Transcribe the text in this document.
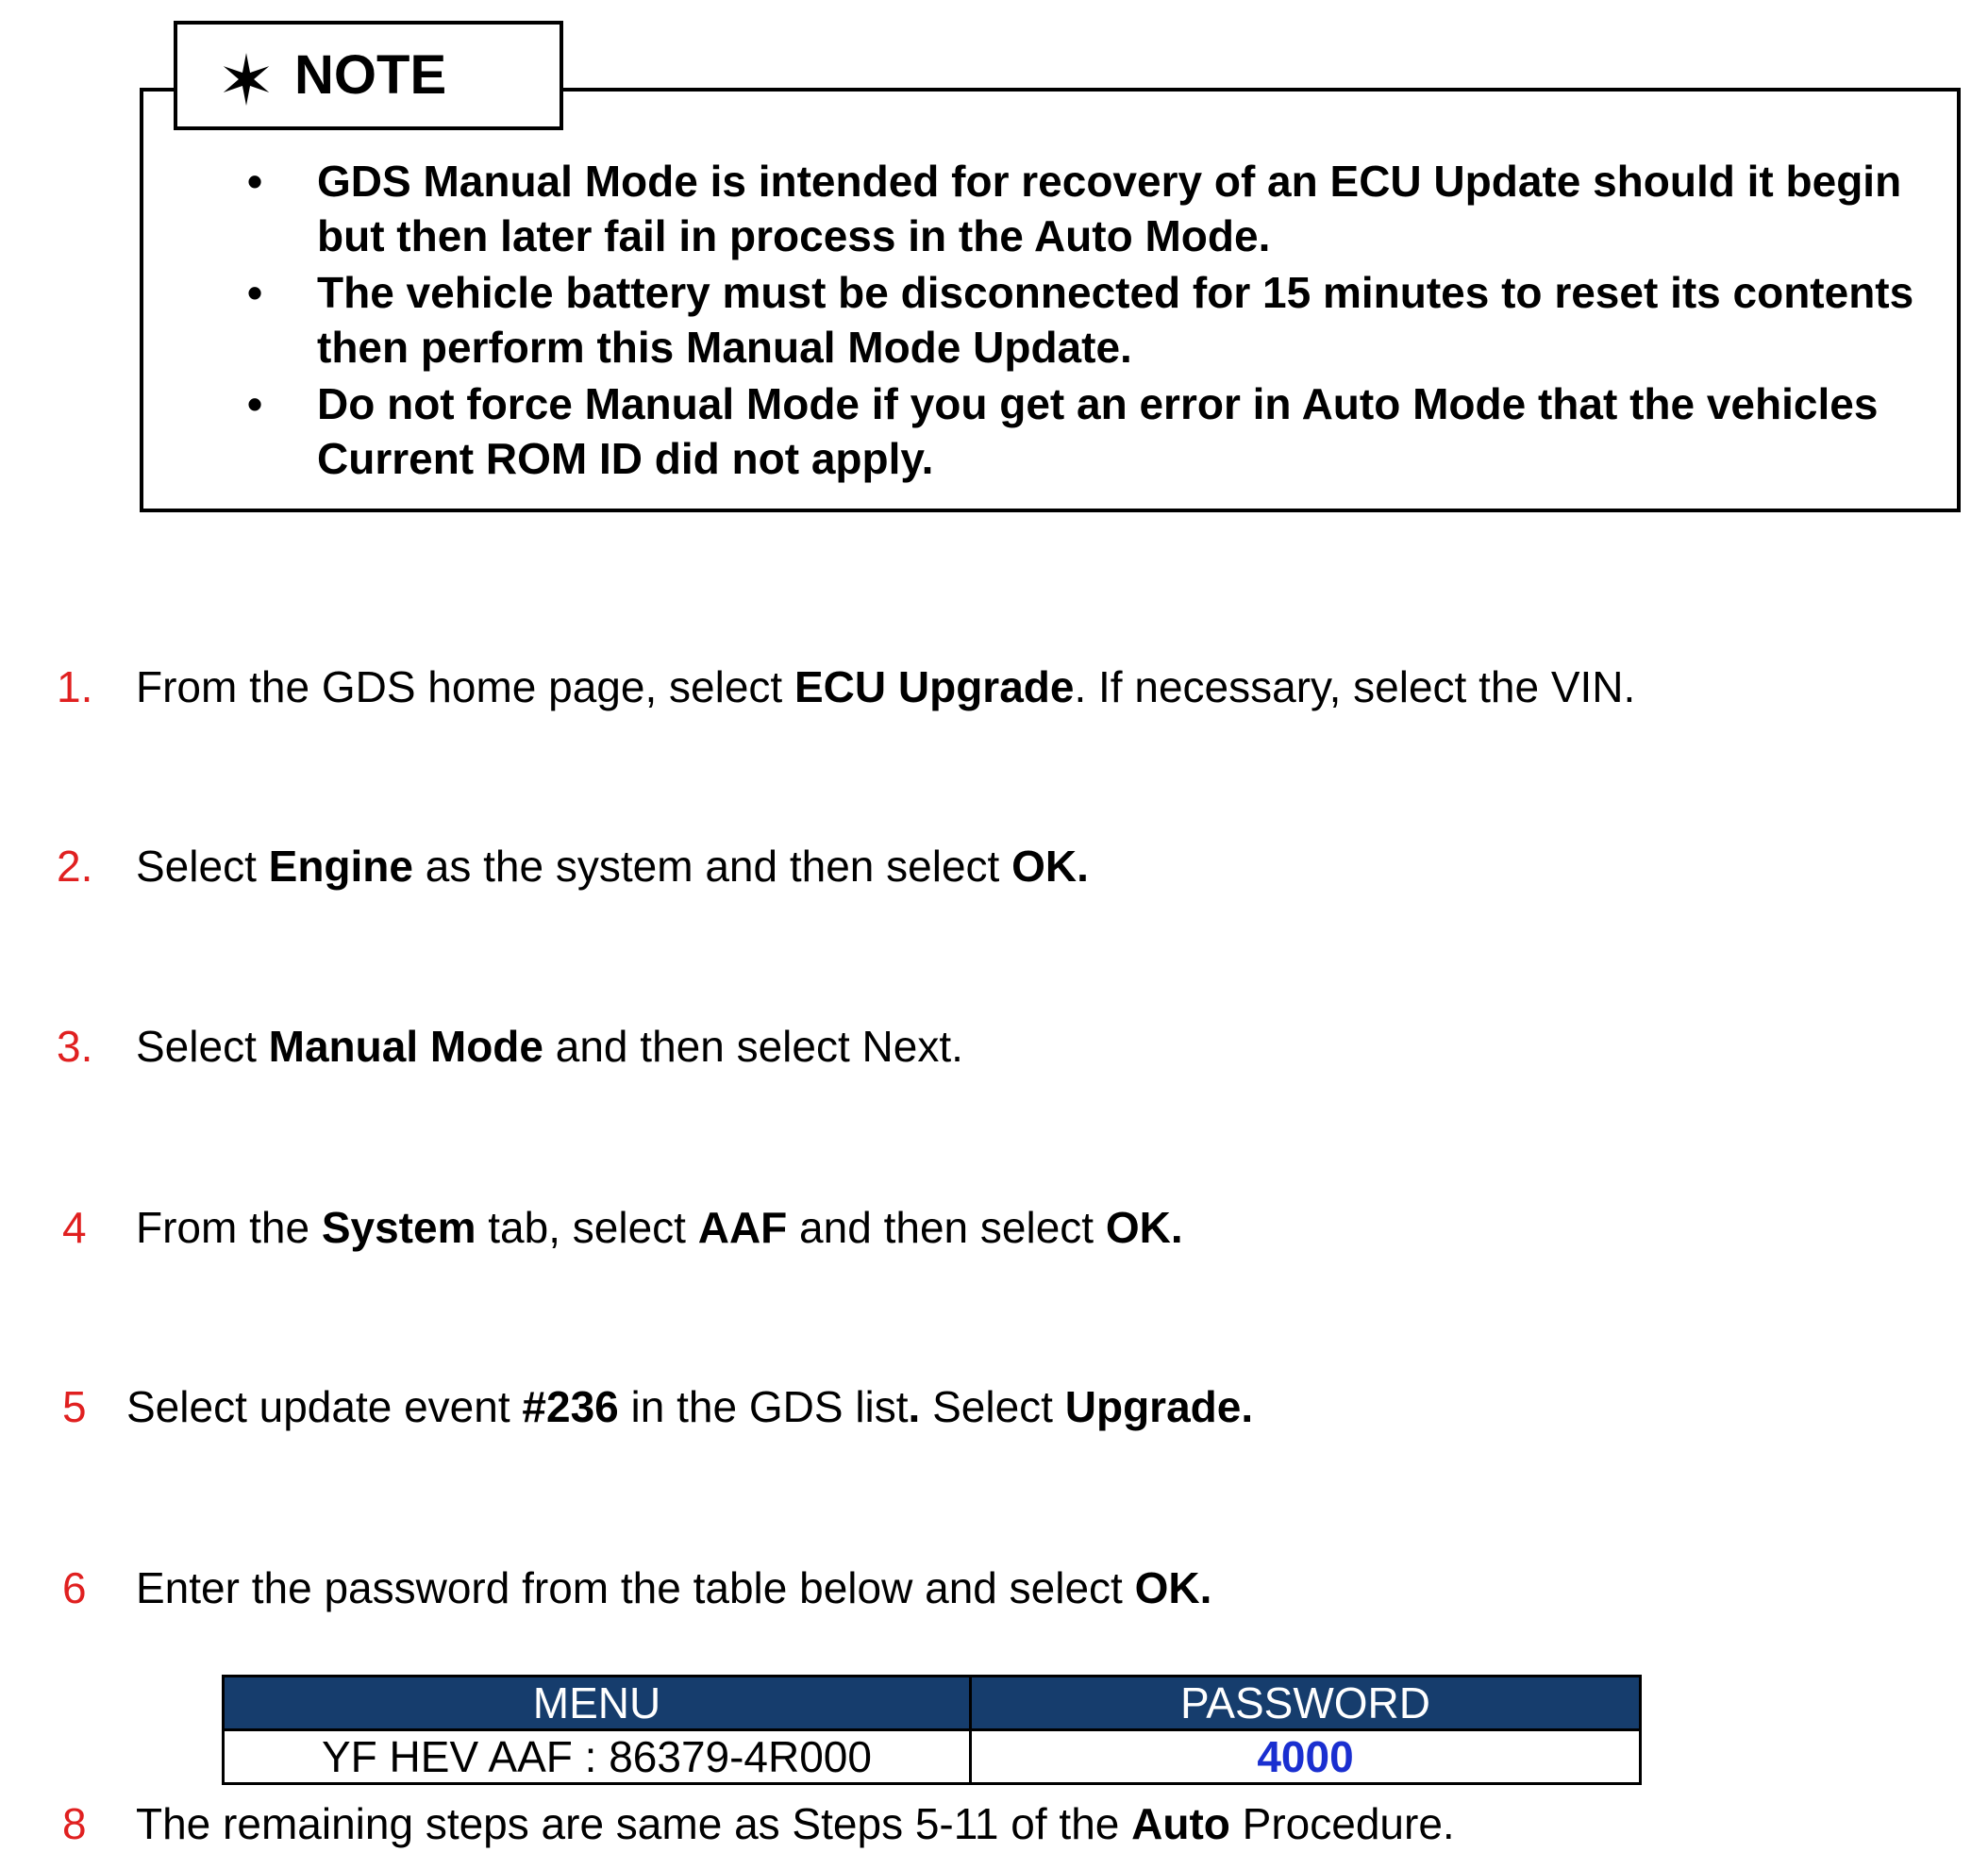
• GDS Manual Mode is intended for recovery of an ECU Update should it begin but then later fail in process in the Auto Mode.
• The vehicle battery must be disconnected for 15 minutes to reset its contents then perform this Manual Mode Update.
• Do not force Manual Mode if you get an error in Auto Mode that the vehicles Current ROM ID did not apply.
✶ NOTE
1. From the GDS home page, select ECU Upgrade. If necessary, select the VIN.
2. Select Engine as the system and then select OK.
3. Select Manual Mode and then select Next.
4 From the System tab, select AAF and then select OK.
5 Select update event #236 in the GDS list. Select Upgrade.
6 Enter the password from the table below and select OK.
MENU	PASSWORD
YF HEV AAF : 86379-4R000	4000
8 The remaining steps are same as Steps 5-11 of the Auto Procedure.
